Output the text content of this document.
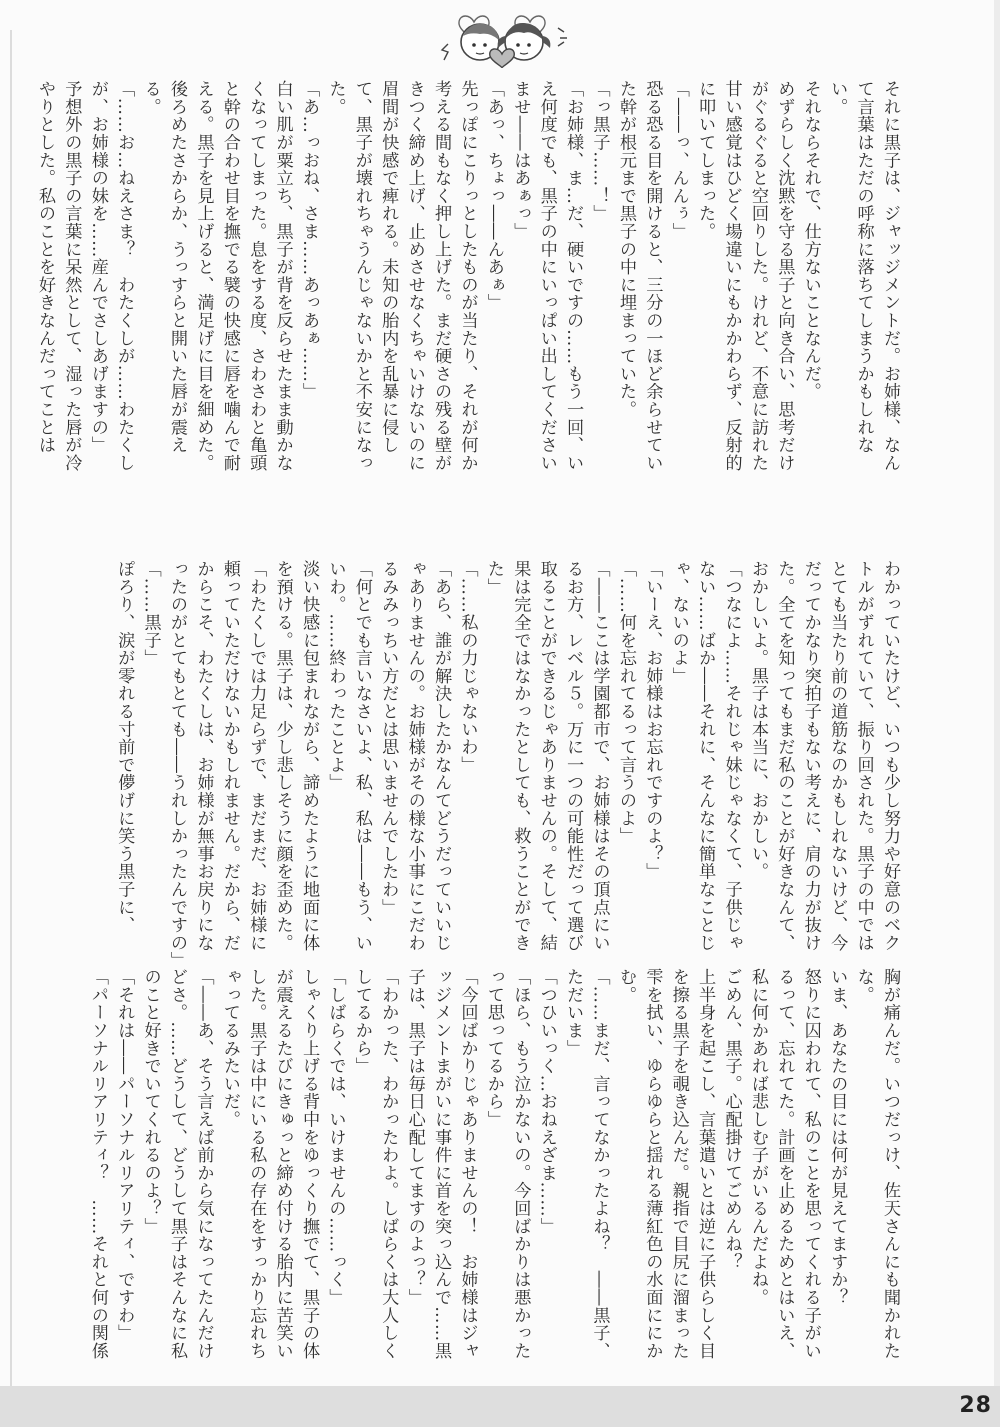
それに黒子は、ジャッジメントだ。お姉様、なんて言葉はただの呼称に落ちてしまうかもしれない。

それならそれで、仕方ないことなんだ。

めずらしく沈黙を守る黒子と向き合い、思考だけがぐるぐると空回りした。けれど、不意に訪れた甘い感覚はひどく場違いにもかかわらず、反射的に叩いてしまった。

「――っ、んんぅ」

恐る恐る目を開けると、三分の一ほど余らせていた幹が根元まで黒子の中に埋まっていた。

「っ黒子……！」

「お姉様、ま…だ、硬いですの……もう一回、いえ何度でも、黒子の中にいっぱい出してくださいませ――はあぁっ」

「あっ、ちょっ――んあぁ」

先っぽにこりっとしたものが当たり、それが何か考える間もなく押し上げた。まだ硬さの残る壁がきつく締め上げ、止めさせなくちゃいけないのに眉間が快感で痺れる。未知の胎内を乱暴に侵して、黒子が壊れちゃうんじゃないかと不安になった。

「あ…っおね、さま……あっあぁ……」

白い肌が粟立ち、黒子が背を反らせたまま動かなくなってしまった。息をする度、さわさわと亀頭と幹の合わせ目を撫でる襞の快感に唇を噛んで耐える。黒子を見上げると、満足げに目を細めた。後ろめたさからか、うっすらと開いた唇が震える。

「……お…ねえさま？　わたくしが……わたくしが、お姉様の妹を……産んでさしあげますの」

予想外の黒子の言葉に呆然として、湿った唇が冷やりとした。私のことを好きなんだってことは

わかっていたけど、いつも少し努力や好意のベクトルがずれていて、振り回された。黒子の中ではとても当たり前の道筋なのかもしれないけど、今だってかなり突拍子もない考えに、肩の力が抜けた。全てを知ってもまだ私のことが好きなんて、おかしいよ。黒子は本当に、おかしい。

「つなによ……それじゃ妹じゃなくて、子供じゃない……ばか――それに、そんなに簡単なことじゃ、ないのよ」

「いーえ、お姉様はお忘れですのよ？」

「……何を忘れてるって言うのよ」

「――ここは学園都市で、お姉様はその頂点にいるお方、レベル５。万に一つの可能性だって選び取ることができるじゃありませんの。そして、結果は完全ではなかったとしても、救うことができた」

「……私の力じゃないわ」

「あら、誰が解決したかなんてどうだっていいじゃありませんの。お姉様がその様な小事にこだわるみみっちい方だとは思いませんでしたわ」

「何とでも言いなさいよ、私、私は――もう、いいわ。……終わったことよ」

淡い快感に包まれながら、諦めたように地面に体を預ける。黒子は、少し悲しそうに顔を歪めた。

「わたくしでは力足らずで、まだまだ、お姉様に頼っていただけないかもしれません。だから、だからこそ、わたくしは、お姉様が無事お戻りになったのがとてもとても――うれしかったんですの」

「……黒子」

ぽろり、涙が零れる寸前で儚げに笑う黒子に、

胸が痛んだ。いつだっけ、佐天さんにも聞かれたな。

いま、あなたの目には何が見えてますか？

怒りに囚われて、私のことを思ってくれる子がいるって、忘れてた。計画を止めるためとはいえ、私に何かあれば悲しむ子がいるんだよね。

ごめん、黒子。心配掛けてごめんね？

上半身を起こし、言葉遣いとは逆に子供らしく目を擦る黒子を覗き込んだ。親指で目尻に溜まった雫を拭い、ゆらゆらと揺れる薄紅色の水面ににかむ。

「……まだ、言ってなかったよね？　――黒子、ただいま」

「つひいっく…おねえざま……」

「ほら、もう泣かないの。今回ばかりは悪かったって思ってるから」

「今回ばかりじゃありませんの！　お姉様はジャッジメントまがいに事件に首を突っ込んで……黒子は、黒子は毎日心配してますのよっ？」

「わかった、わかったわよ。しばらくは大人しくしてるから」

「しばらくでは、いけませんの……っく」

しゃくり上げる背中をゆっくり撫でて、黒子の体が震えるたびにきゅっと締め付ける胎内に苦笑いした。黒子は中にいる私の存在をすっかり忘れちゃってるみたいだ。

「――あ、そう言えば前から気になってたんだけどさ。……どうして、どうして黒子はそんなに私のこと好きでいてくれるのよ？」

「それは――パーソナルリアリティ、ですわ」

「パーソナルリアリティ？　……それと何の関係

28
